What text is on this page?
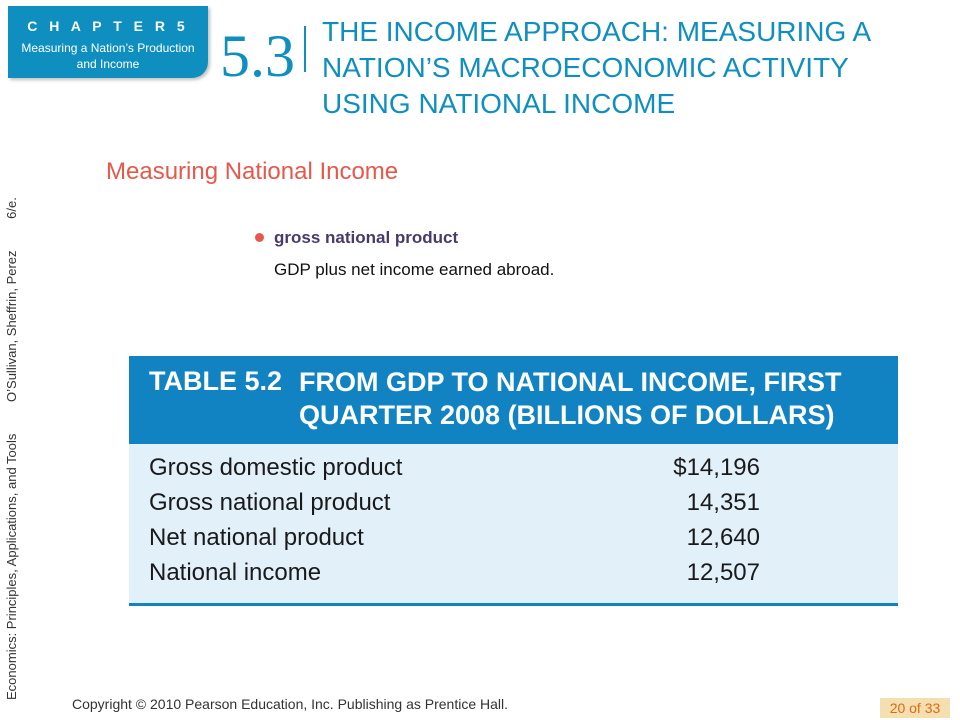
C H A P T E R 5
Measuring a Nation’s Production and Income	5.3 THE INCOME APPROACH: MEASURING A NATION’S MACROECONOMIC ACTIVITY USING NATIONAL INCOME
Economics: Principles, Applications, and Tools O’Sullivan, Sheffrin, Perez 6/e.
Measuring National Income
gross national product
GDP plus net income earned abroad.
TABLE 5.2 FROM GDP TO NATIONAL INCOME, FIRST QUARTER 2008 (BILLIONS OF DOLLARS)
Gross domestic product	$14,196
Gross national product	14,351
Net national product	12,640
National income	12,507
Copyright © 2010 Pearson Education, Inc. Publishing as Prentice Hall.	20 of 33
